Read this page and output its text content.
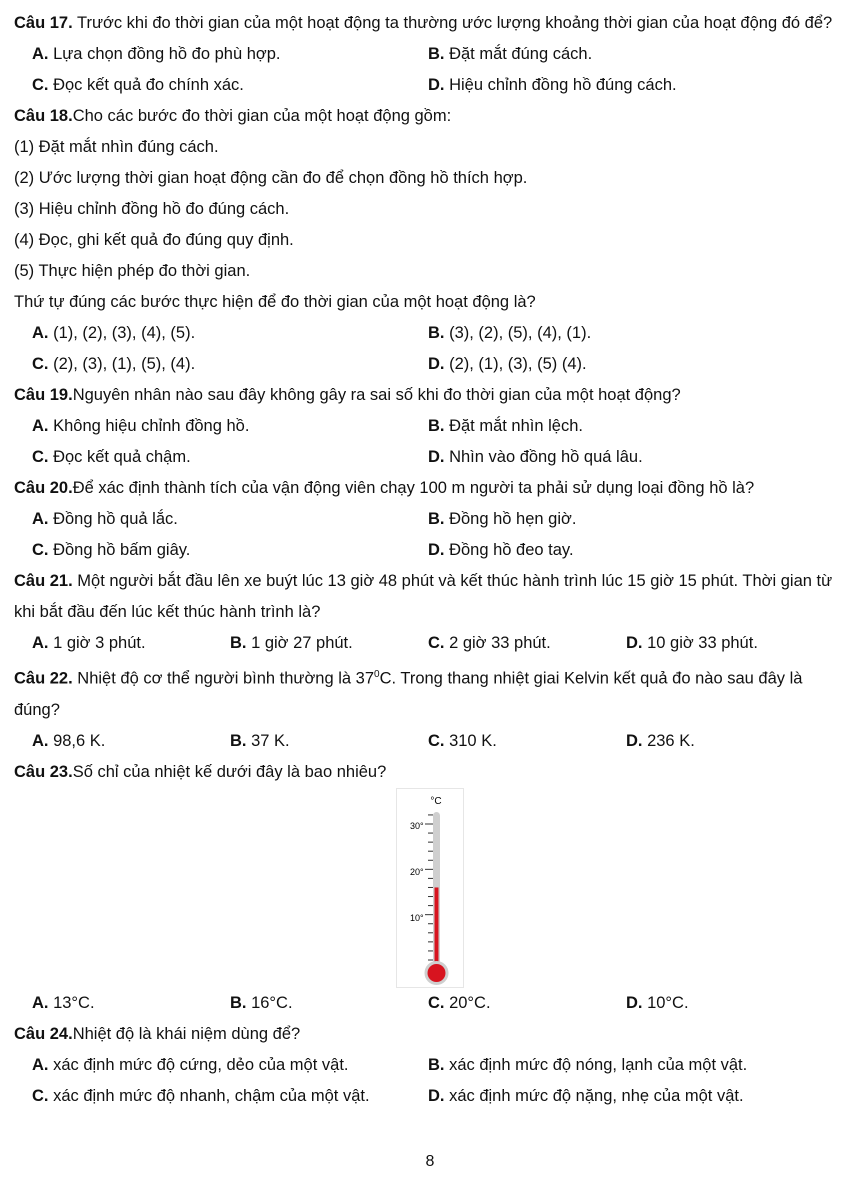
Câu 17. Trước khi đo thời gian của một hoạt động ta thường ước lượng khoảng thời gian của hoạt động đó để?
A. Lựa chọn đồng hồ đo phù hợp.	B. Đặt mắt đúng cách.
C. Đọc kết quả đo chính xác.	D. Hiệu chỉnh đồng hồ đúng cách.
Câu 18. Cho các bước đo thời gian của một hoạt động gồm:
(1) Đặt mắt nhìn đúng cách.
(2) Ước lượng thời gian hoạt động cần đo để chọn đồng hồ thích hợp.
(3) Hiệu chỉnh đồng hồ đo đúng cách.
(4) Đọc, ghi kết quả đo đúng quy định.
(5) Thực hiện phép đo thời gian.
Thứ tự đúng các bước thực hiện để đo thời gian của một hoạt động là?
A. (1), (2), (3), (4), (5).	B. (3), (2), (5), (4), (1).
C. (2), (3), (1), (5), (4).	D. (2), (1), (3), (5) (4).
Câu 19. Nguyên nhân nào sau đây không gây ra sai số khi đo thời gian của một hoạt động?
A. Không hiệu chỉnh đồng hồ.	B. Đặt mắt nhìn lệch.
C. Đọc kết quả chậm.	D. Nhìn vào đồng hồ quá lâu.
Câu 20. Để xác định thành tích của vận động viên chạy 100 m người ta phải sử dụng loại đồng hồ là?
A. Đồng hồ quả lắc.	B. Đồng hồ hẹn giờ.
C. Đồng hồ bấm giây.	D. Đồng hồ đeo tay.
Câu 21. Một người bắt đầu lên xe buýt lúc 13 giờ 48 phút và kết thúc hành trình lúc 15 giờ 15 phút. Thời gian từ khi bắt đầu đến lúc kết thúc hành trình là?
A. 1 giờ 3 phút.	B. 1 giờ 27 phút.	C. 2 giờ 33 phút.	D. 10 giờ 33 phút.
Câu 22. Nhiệt độ cơ thể người bình thường là $37^0C$. Trong thang nhiệt giai Kelvin kết quả đo nào sau đây là đúng?
A. 98,6 K.	B. 37 K.	C. 310 K.	D. 236 K.
Câu 23. Số chỉ của nhiệt kế dưới đây là bao nhiêu?
°C
30°
20°
10°
A. 13°C.	B. 16°C.	C. 20°C.	D. 10°C.
Câu 24. Nhiệt độ là khái niệm dùng để?
A. xác định mức độ cứng, dẻo của một vật.	B. xác định mức độ nóng, lạnh của một vật.
C. xác định mức độ nhanh, chậm của một vật.	D. xác định mức độ nặng, nhẹ của một vật.
8
